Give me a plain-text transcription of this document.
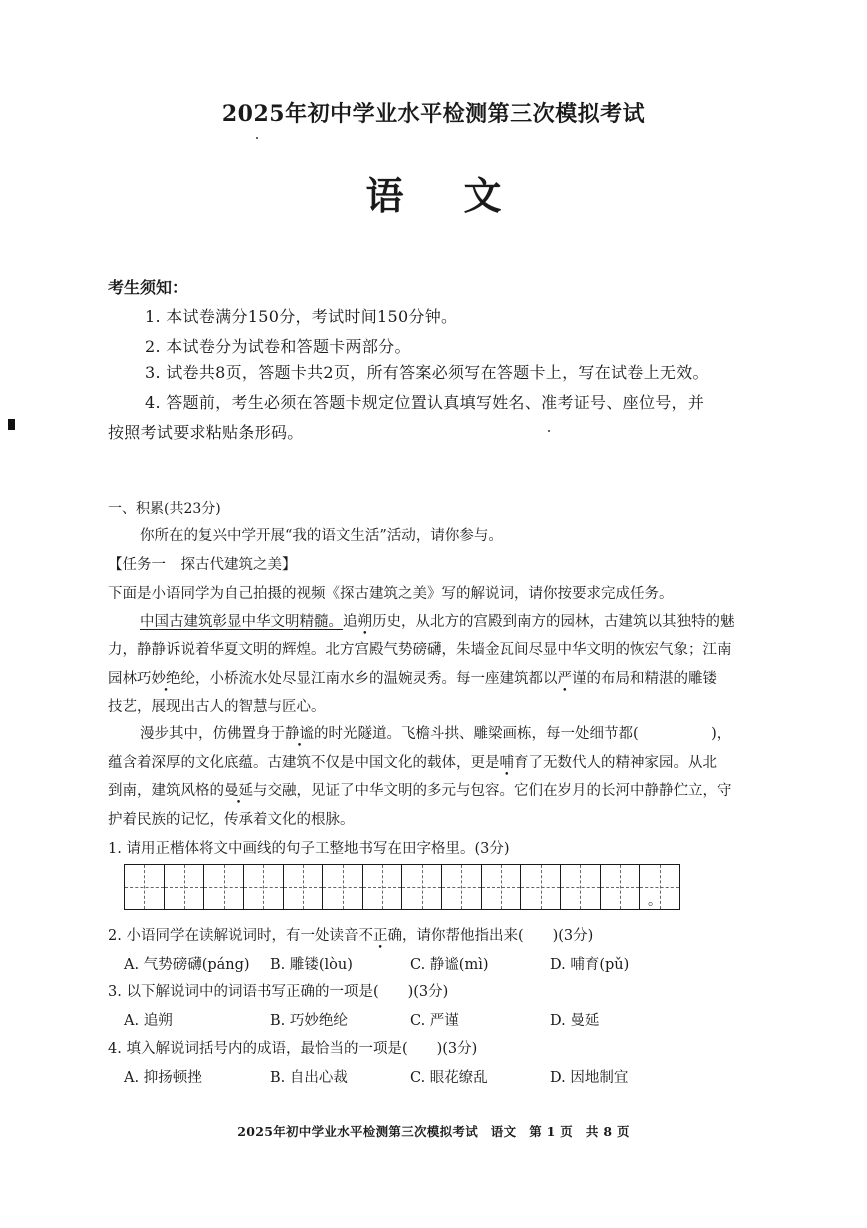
2025年初中学业水平检测第三次模拟考试
语文
考生须知：
1. 本试卷满分150分，考试时间150分钟。
2. 本试卷分为试卷和答题卡两部分。
3. 试卷共8页，答题卡共2页，所有答案必须写在答题卡上，写在试卷上无效。
4. 答题前，考生必须在答题卡规定位置认真填写姓名、准考证号、座位号，并
按照考试要求粘贴条形码。
一、积累(共23分)
你所在的复兴中学开展“我的语文生活”活动，请你参与。
【任务一　探古代建筑之美】
下面是小语同学为自己拍摄的视频《探古建筑之美》写的解说词，请你按要求完成任务。
中国古建筑彰显中华文明精髓。追朔历史，从北方的宫殿到南方的园林，古建筑以其独特的魅
力，静静诉说着华夏文明的辉煌。北方宫殿气势磅礴，朱墙金瓦间尽显中华文明的恢宏气象；江南
园林巧妙绝纶，小桥流水处尽显江南水乡的温婉灵秀。每一座建筑都以严谨的布局和精湛的雕镂
技艺，展现出古人的智慧与匠心。
漫步其中，仿佛置身于静谧的时光隧道。飞檐斗拱、雕梁画栋，每一处细节都(　　　　　)，
蕴含着深厚的文化底蕴。古建筑不仅是中国文化的载体，更是哺育了无数代人的精神家园。从北
到南，建筑风格的曼延与交融，见证了中华文明的多元与包容。它们在岁月的长河中静静伫立，守
护着民族的记忆，传承着文化的根脉。
1. 请用正楷体将文中画线的句子工整地书写在田字格里。(3分)
。
2. 小语同学在读解说词时，有一处读音不正确，请你帮他指出来(　　)(3分)
A. 气势磅礴(páng) B. 雕镂(lòu)	C. 静谧(mì)	D. 哺育(pǔ)
3. 以下解说词中的词语书写正确的一项是(　　)(3分)
A. 追朔	B. 巧妙绝纶	C. 严谨	D. 曼延
4. 填入解说词括号内的成语，最恰当的一项是(　　)(3分)
A. 抑扬顿挫	B. 自出心裁	C. 眼花缭乱	D. 因地制宜
2025年初中学业水平检测第三次模拟考试　语文　第 1 页　共 8 页
